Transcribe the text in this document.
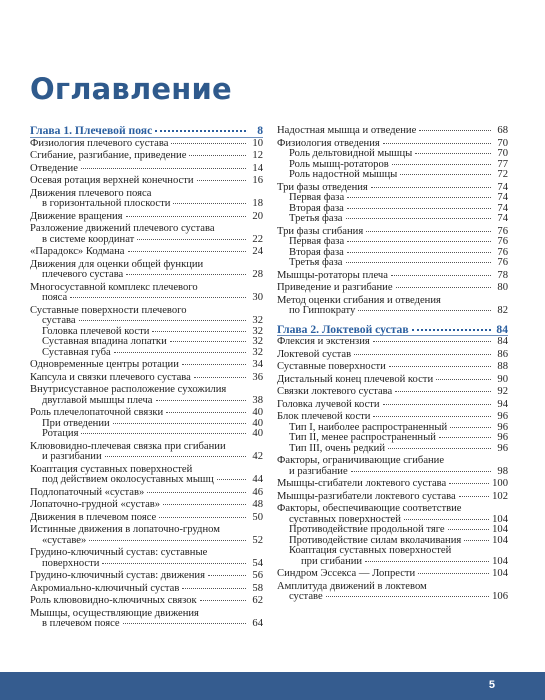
Оглавление
Глава 1. Плечевой пояс	8
Физиология плечевого сустава	10
Сгибание, разгибание, приведение	12
Отведение	14
Осевая ротация верхней конечности	16
Движения плечевого пояса
в горизонтальной плоскости	18
Движение вращения	20
Разложение движений плечевого сустава
в системе координат	22
«Парадокс» Кодмана	24
Движения для оценки общей функции
плечевого сустава	28
Многосуставной комплекс плечевого
пояса	30
Суставные поверхности плечевого
сустава	32
Головка плечевой кости	32
Суставная впадина лопатки	32
Суставная губа	32
Одновременные центры ротации	34
Капсула и связки плечевого сустава	36
Внутрисуставное расположение сухожилия
двуглавой мышцы плеча	38
Роль плечелопаточной связки	40
При отведении	40
Ротация	40
Клювовидно-плечевая связка при сгибании
и разгибании	42
Коаптация суставных поверхностей
под действием околосуставных мышц	44
Подлопаточный «сустав»	46
Лопаточно-грудной «сустав»	48
Движения в плечевом поясе	50
Истинные движения в лопаточно-грудном
«суставе»	52
Грудино-ключичный сустав: суставные
поверхности	54
Грудино-ключичный сустав: движения	56
Акромиально-ключичный сустав	58
Роль клювовидно-ключичных связок	62
Мышцы, осуществляющие движения
в плечевом поясе	64
Надостная мышца и отведение	68
Физиология отведения	70
Роль дельтовидной мышцы	70
Роль мышц-ротаторов	77
Роль надостной мышцы	72
Три фазы отведения	74
Первая фаза	74
Вторая фаза	74
Третья фаза	74
Три фазы сгибания	76
Первая фаза	76
Вторая фаза	76
Третья фаза	76
Мышцы-ротаторы плеча	78
Приведение и разгибание	80
Метод оценки сгибания и отведения
по Гиппократу	82
Глава 2. Локтевой сустав	84
Флексия и экстензия	84
Локтевой сустав	86
Суставные поверхности	88
Дистальный конец плечевой кости	90
Связки локтевого сустава	92
Головка лучевой кости	94
Блок плечевой кости	96
Тип I, наиболее распространенный	96
Тип II, менее распространенный	96
Тип III, очень редкий	96
Факторы, ограничивающие сгибание
и разгибание	98
Мышцы-сгибатели локтевого сустава	100
Мышцы-разгибатели локтевого сустава	102
Факторы, обеспечивающие соответствие
суставных поверхностей	104
Противодействие продольной тяге	104
Противодействие силам вколачивания	104
Коаптация суставных поверхностей
при сгибании	104
Синдром Эссекса — Лопрести	104
Амплитуда движений в локтевом
суставе	106
5
